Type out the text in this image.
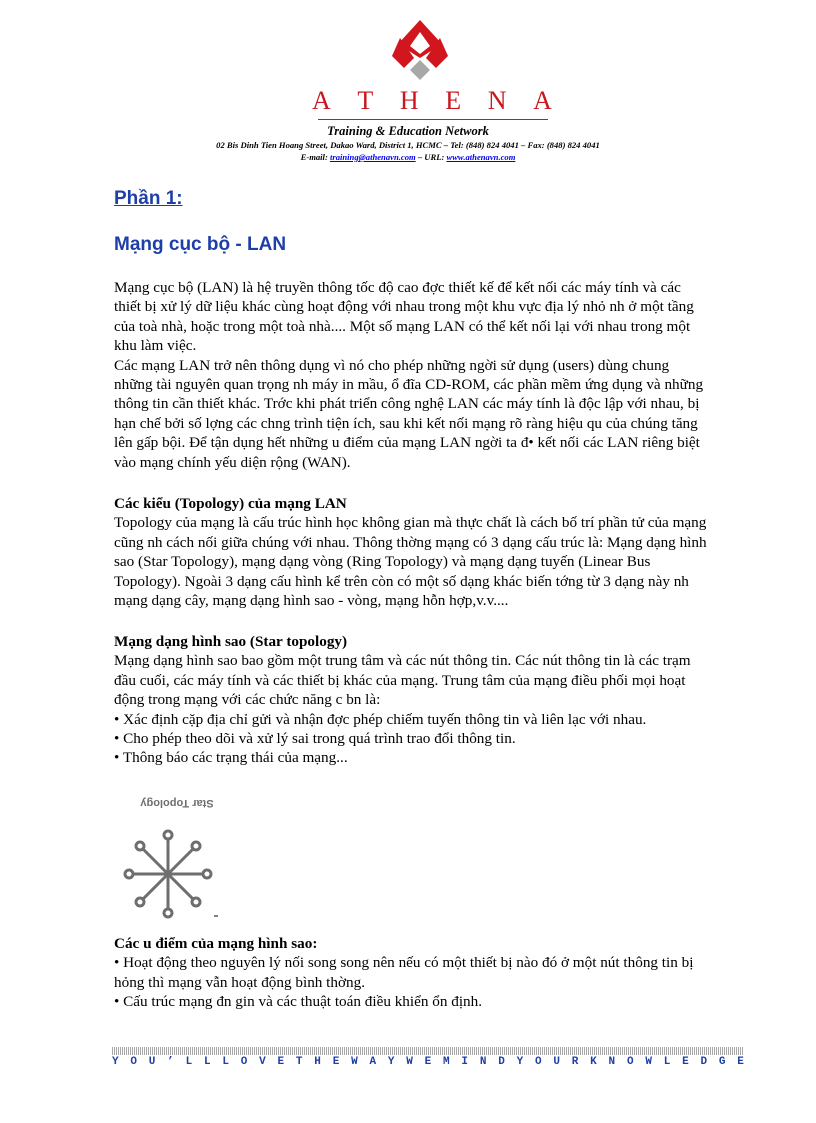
A T H E N A
Training & Education Network
02 Bis Dinh Tien Hoang Street, Dakao Ward, District 1, HCMC – Tel: (848) 824 4041 – Fax: (848) 824 4041
E-mail: training@athenavn.com – URL: www.athenavn.com
Phần 1:
Mạng cục bộ - LAN
Mạng cục bộ (LAN) là hệ truyền thông tốc độ cao đợc thiết kế để kết nối các máy tính và các
thiết bị xử lý dữ liệu khác cùng hoạt động với nhau trong một khu vực địa lý nhỏ nh ở một tầng
của toà nhà, hoặc trong một toà nhà.... Một số mạng LAN có thể kết nối lại với nhau trong một
khu làm việc.
Các mạng LAN trở nên thông dụng vì nó cho phép những ngời sử dụng (users) dùng chung
những tài nguyên quan trọng nh máy in mầu, ổ đĩa CD-ROM, các phần mềm ứng dụng và những
thông tin cần thiết khác. Trớc khi phát triển công nghệ LAN các máy tính là độc lập với nhau, bị
hạn chế bởi số lợng các chng trình tiện ích, sau khi kết nối mạng rõ ràng hiệu qu của chúng tăng
lên gấp bội. Để tận dụng hết những u điểm của mạng LAN ngời ta đ• kết nối các LAN riêng biệt
vào mạng chính yếu diện rộng (WAN).
Các kiểu (Topology) của mạng LAN
Topology của mạng là cấu trúc hình học không gian mà thực chất là cách bố trí phần tử của mạng
cũng nh cách nối giữa chúng với nhau. Thông thờng mạng có 3 dạng cấu trúc là: Mạng dạng hình
sao (Star Topology), mạng dạng vòng (Ring Topology) và mạng dạng tuyến (Linear Bus
Topology). Ngoài 3 dạng cấu hình kể trên còn có một số dạng khác biến tớng từ 3 dạng này nh
mạng dạng cây, mạng dạng hình sao - vòng, mạng hỗn hợp,v.v....
Mạng dạng hình sao (Star topology)
Mạng dạng hình sao bao gồm một trung tâm và các nút thông tin. Các nút thông tin là các trạm
đầu cuối, các máy tính và các thiết bị khác của mạng. Trung tâm của mạng điều phối mọi hoạt
động trong mạng với các chức năng c bn là:
• Xác định cặp địa chỉ gửi và nhận đợc phép chiếm tuyến thông tin và liên lạc với nhau.
• Cho phép theo dõi và xử lý sai trong quá trình trao đổi thông tin.
• Thông báo các trạng thái của mạng...
Star Topology
Các u điểm của mạng hình sao:
• Hoạt động theo nguyên lý nối song song nên nếu có một thiết bị nào đó ở một nút thông tin bị
hỏng thì mạng vẫn hoạt động bình thờng.
• Cấu trúc mạng đn gin và các thuật toán điều khiển ổn định.
Y O U ’ L L L O V E T H E W A Y W E M I N D Y O U R K N O W L E D G E
